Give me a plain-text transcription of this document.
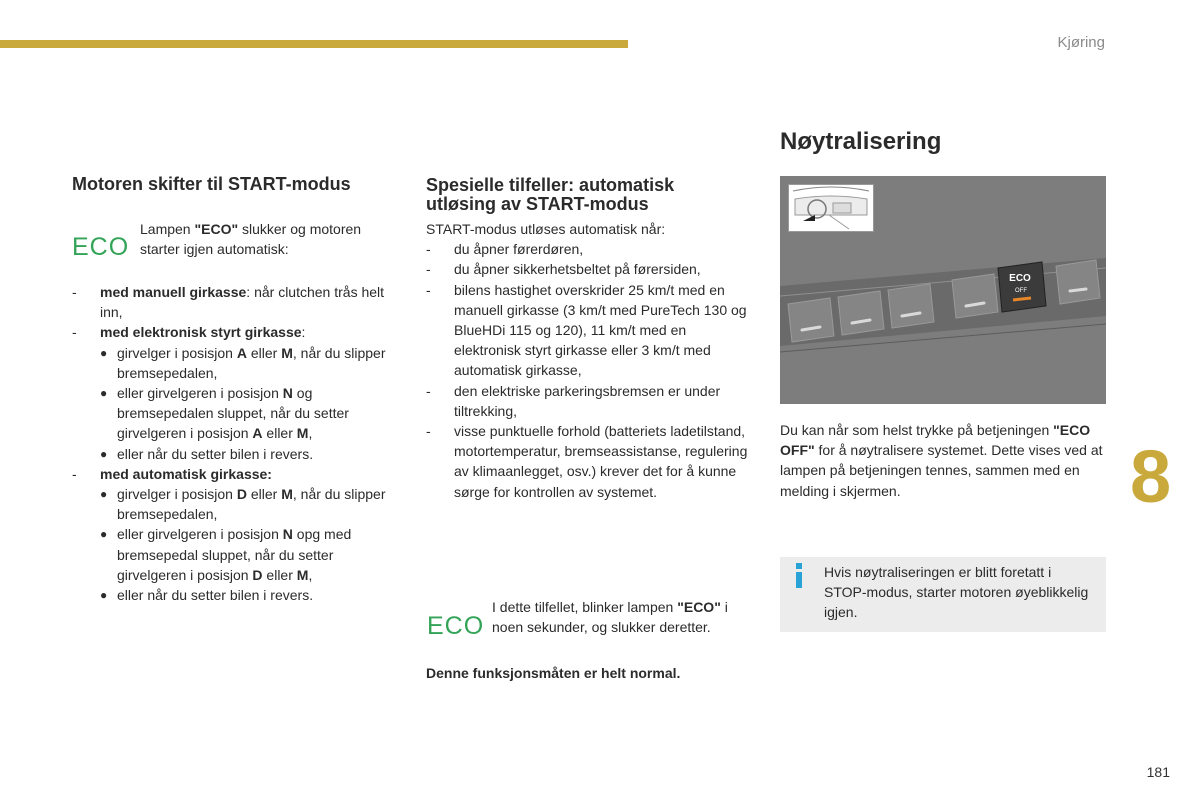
Kjøring
8
181
Motoren skifter til START-modus
ECO
Lampen "ECO" slukker og motoren starter igjen automatisk:
- med manuell girkasse: når clutchen trås helt inn,
- med elektronisk styrt girkasse:
● girvelger i posisjon A eller M, når du slipper bremsepedalen,
● eller girvelgeren i posisjon N og bremsepedalen sluppet, når du setter girvelgeren i posisjon A eller M,
● eller når du setter bilen i revers.
- med automatisk girkasse:
● girvelger i posisjon D eller M, når du slipper bremsepedalen,
● eller girvelgeren i posisjon N opg med bremsepedal sluppet, når du setter girvelgeren i posisjon D eller M,
● eller når du setter bilen i revers.
Spesielle tilfeller: automatisk utløsing av START-modus
START-modus utløses automatisk når:
- du åpner førerdøren,
- du åpner sikkerhetsbeltet på førersiden,
- bilens hastighet overskrider 25 km/t med en manuell girkasse (3 km/t med PureTech 130 og BlueHDi 115 og 120), 11 km/t med en elektronisk styrt girkasse eller 3 km/t med automatisk girkasse,
- den elektriske parkeringsbremsen er under tiltrekking,
- visse punktuelle forhold (batteriets ladetilstand, motortemperatur, bremseassistanse, regulering av klimaanlegget, osv.) krever det for å kunne sørge for kontrollen av systemet.
ECO
I dette tilfellet, blinker lampen "ECO" i noen sekunder, og slukker deretter.
Denne funksjonsmåten er helt normal.
Nøytralisering
ECO
OFF
Du kan når som helst trykke på betjeningen "ECO OFF" for å nøytralisere systemet. Dette vises ved at lampen på betjeningen tennes, sammen med en melding i skjermen.
Hvis nøytraliseringen er blitt foretatt i STOP-modus, starter motoren øyeblikkelig igjen.
